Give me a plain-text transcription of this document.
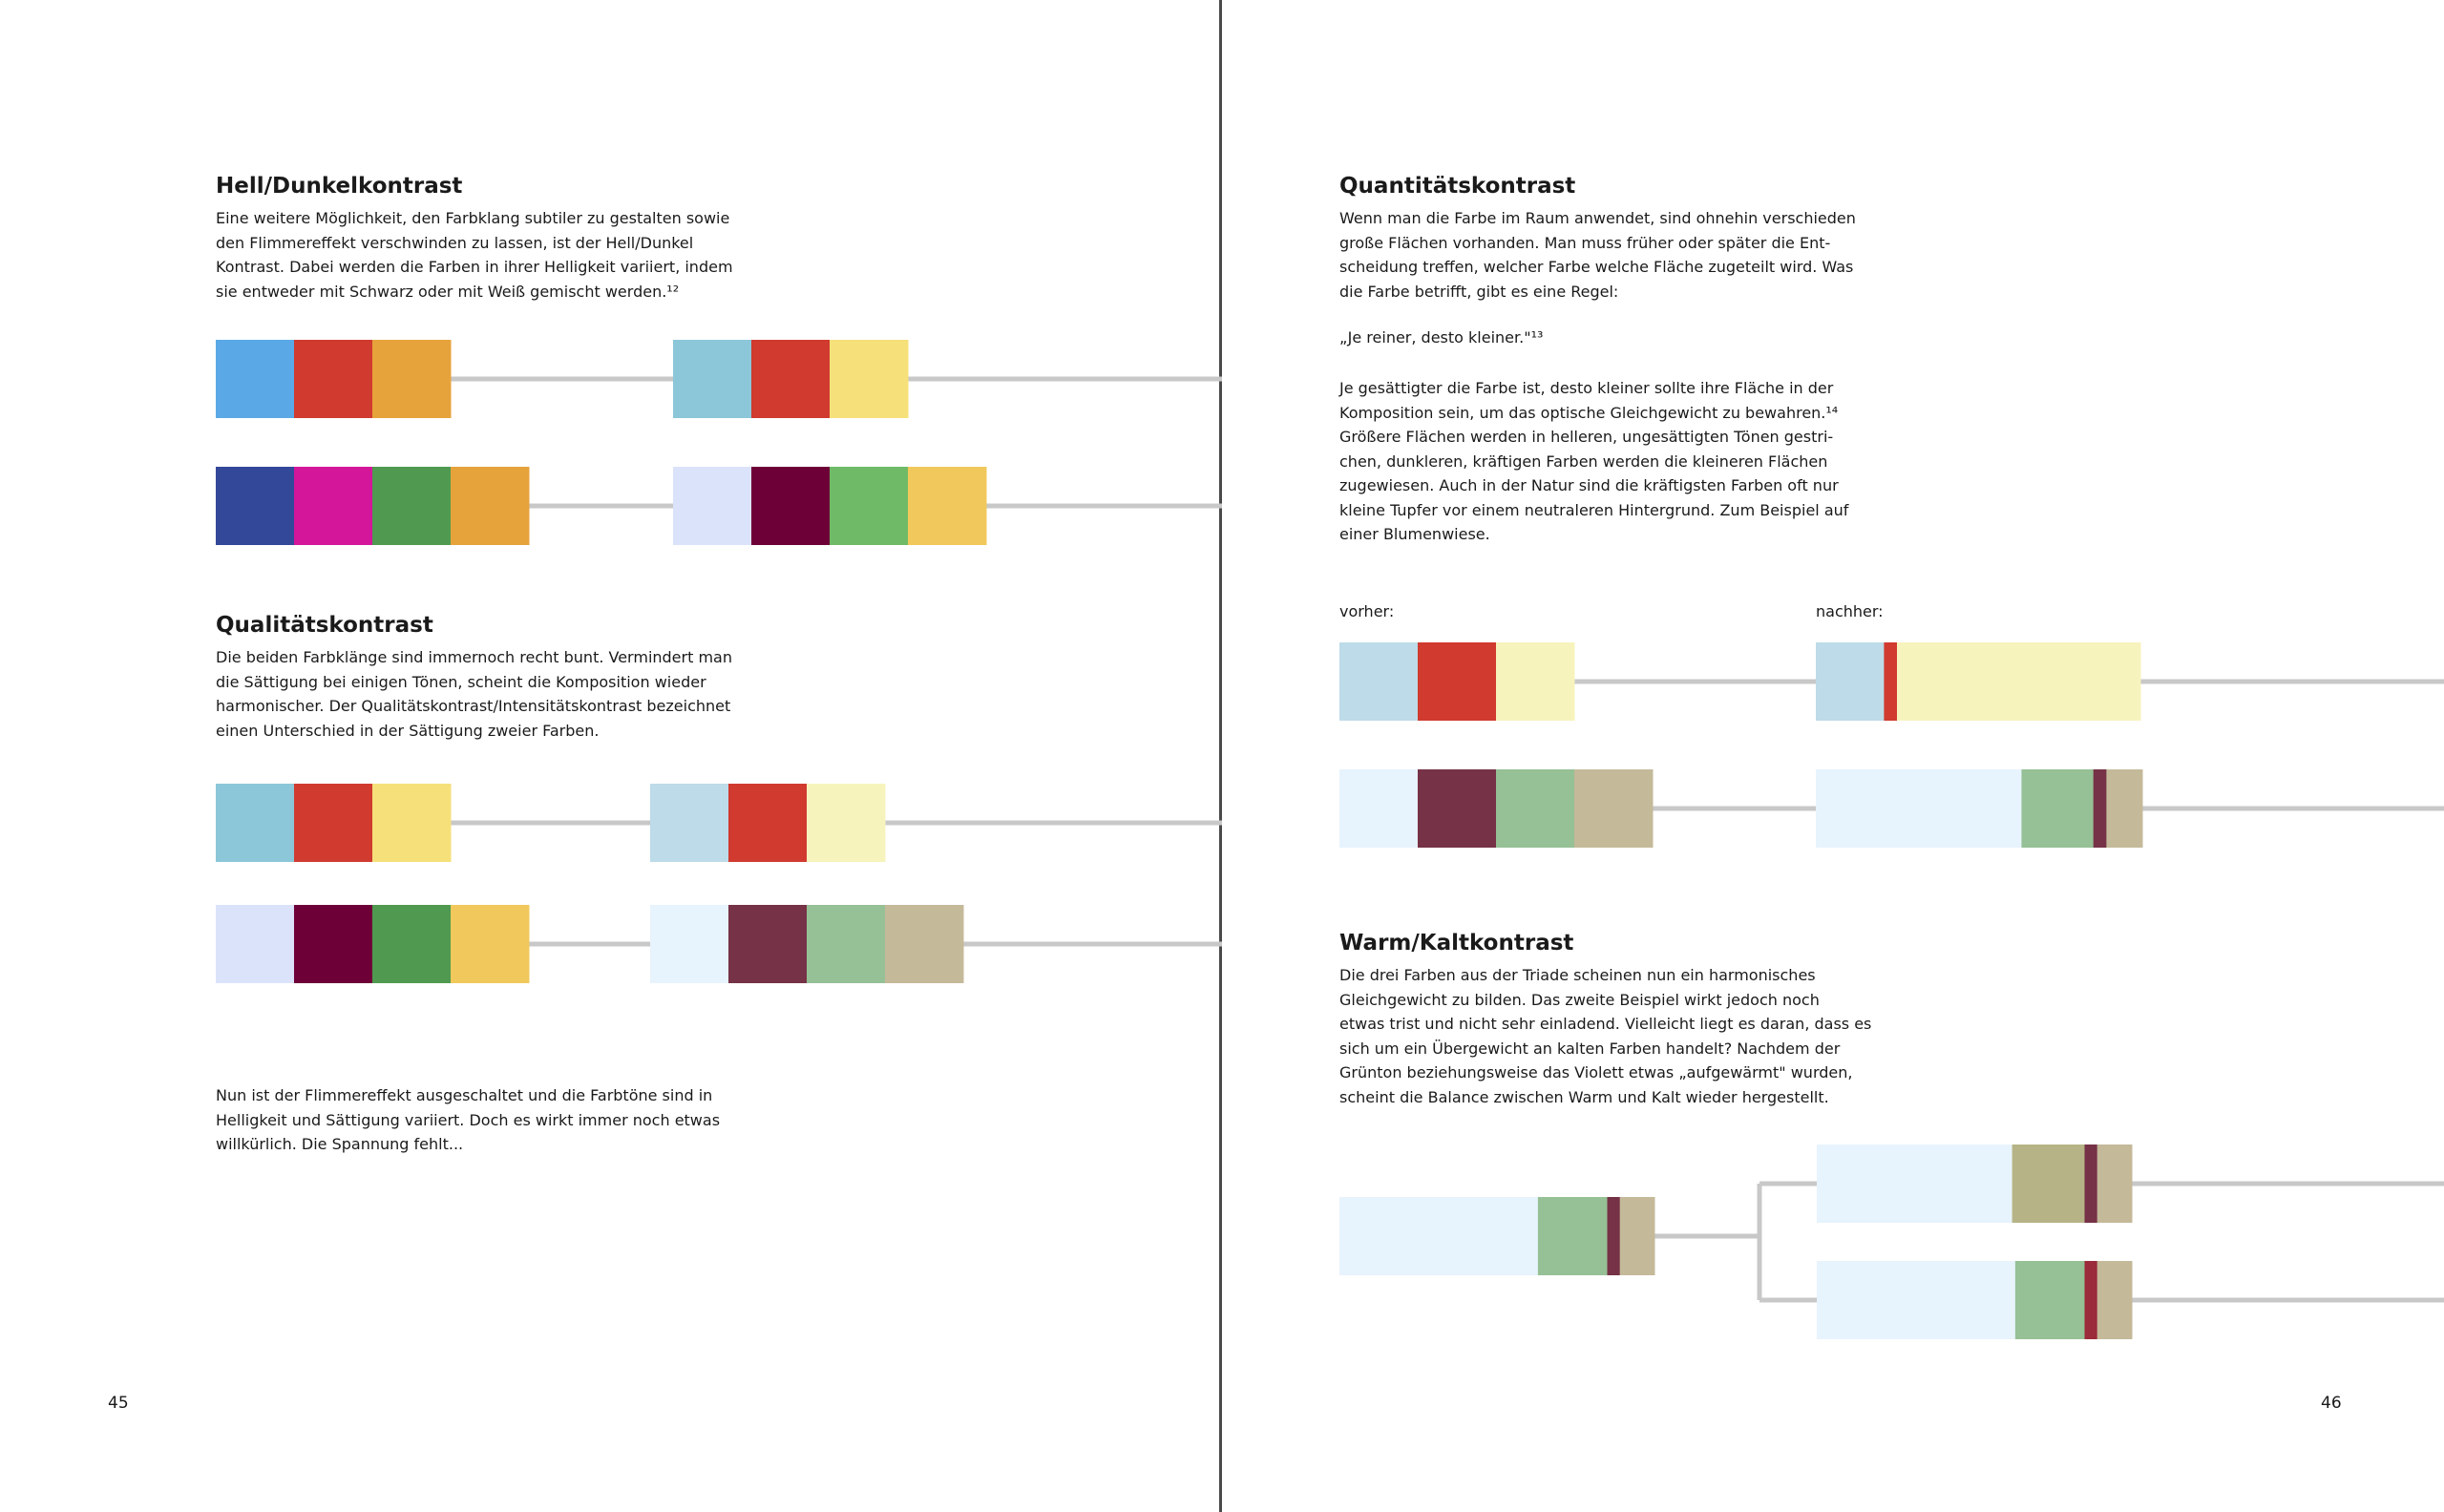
Hell/Dunkelkontrast
Eine weitere Möglichkeit, den Farbklang subtiler zu gestalten sowie
den Flimmereffekt verschwinden zu lassen, ist der Hell/Dunkel
Kontrast. Dabei werden die Farben in ihrer Helligkeit variiert, indem
sie entweder mit Schwarz oder mit Weiß gemischt werden.¹²
Qualitätskontrast
Die beiden Farbklänge sind immernoch recht bunt. Vermindert man
die Sättigung bei einigen Tönen, scheint die Komposition wieder
harmonischer. Der Qualitätskontrast/Intensitätskontrast bezeichnet
einen Unterschied in der Sättigung zweier Farben.
Nun ist der Flimmereffekt ausgeschaltet und die Farbtöne sind in
Helligkeit und Sättigung variiert. Doch es wirkt immer noch etwas
willkürlich. Die Spannung fehlt...

45

Quantitätskontrast
Wenn man die Farbe im Raum anwendet, sind ohnehin verschieden
große Flächen vorhanden. Man muss früher oder später die Ent-
scheidung treffen, welcher Farbe welche Fläche zugeteilt wird. Was
die Farbe betrifft, gibt es eine Regel:

„Je reiner, desto kleiner."¹³

Je gesättigter die Farbe ist, desto kleiner sollte ihre Fläche in der
Komposition sein, um das optische Gleichgewicht zu bewahren.¹⁴
Größere Flächen werden in helleren, ungesättigten Tönen gestri-
chen, dunkleren, kräftigen Farben werden die kleineren Flächen
zugewiesen. Auch in der Natur sind die kräftigsten Farben oft nur
kleine Tupfer vor einem neutraleren Hintergrund. Zum Beispiel auf
einer Blumenwiese.

vorher:	nachher:

Warm/Kaltkontrast
Die drei Farben aus der Triade scheinen nun ein harmonisches
Gleichgewicht zu bilden. Das zweite Beispiel wirkt jedoch noch
etwas trist und nicht sehr einladend. Vielleicht liegt es daran, dass es
sich um ein Übergewicht an kalten Farben handelt? Nachdem der
Grünton beziehungsweise das Violett etwas „aufgewärmt" wurden,
scheint die Balance zwischen Warm und Kalt wieder hergestellt.

46
